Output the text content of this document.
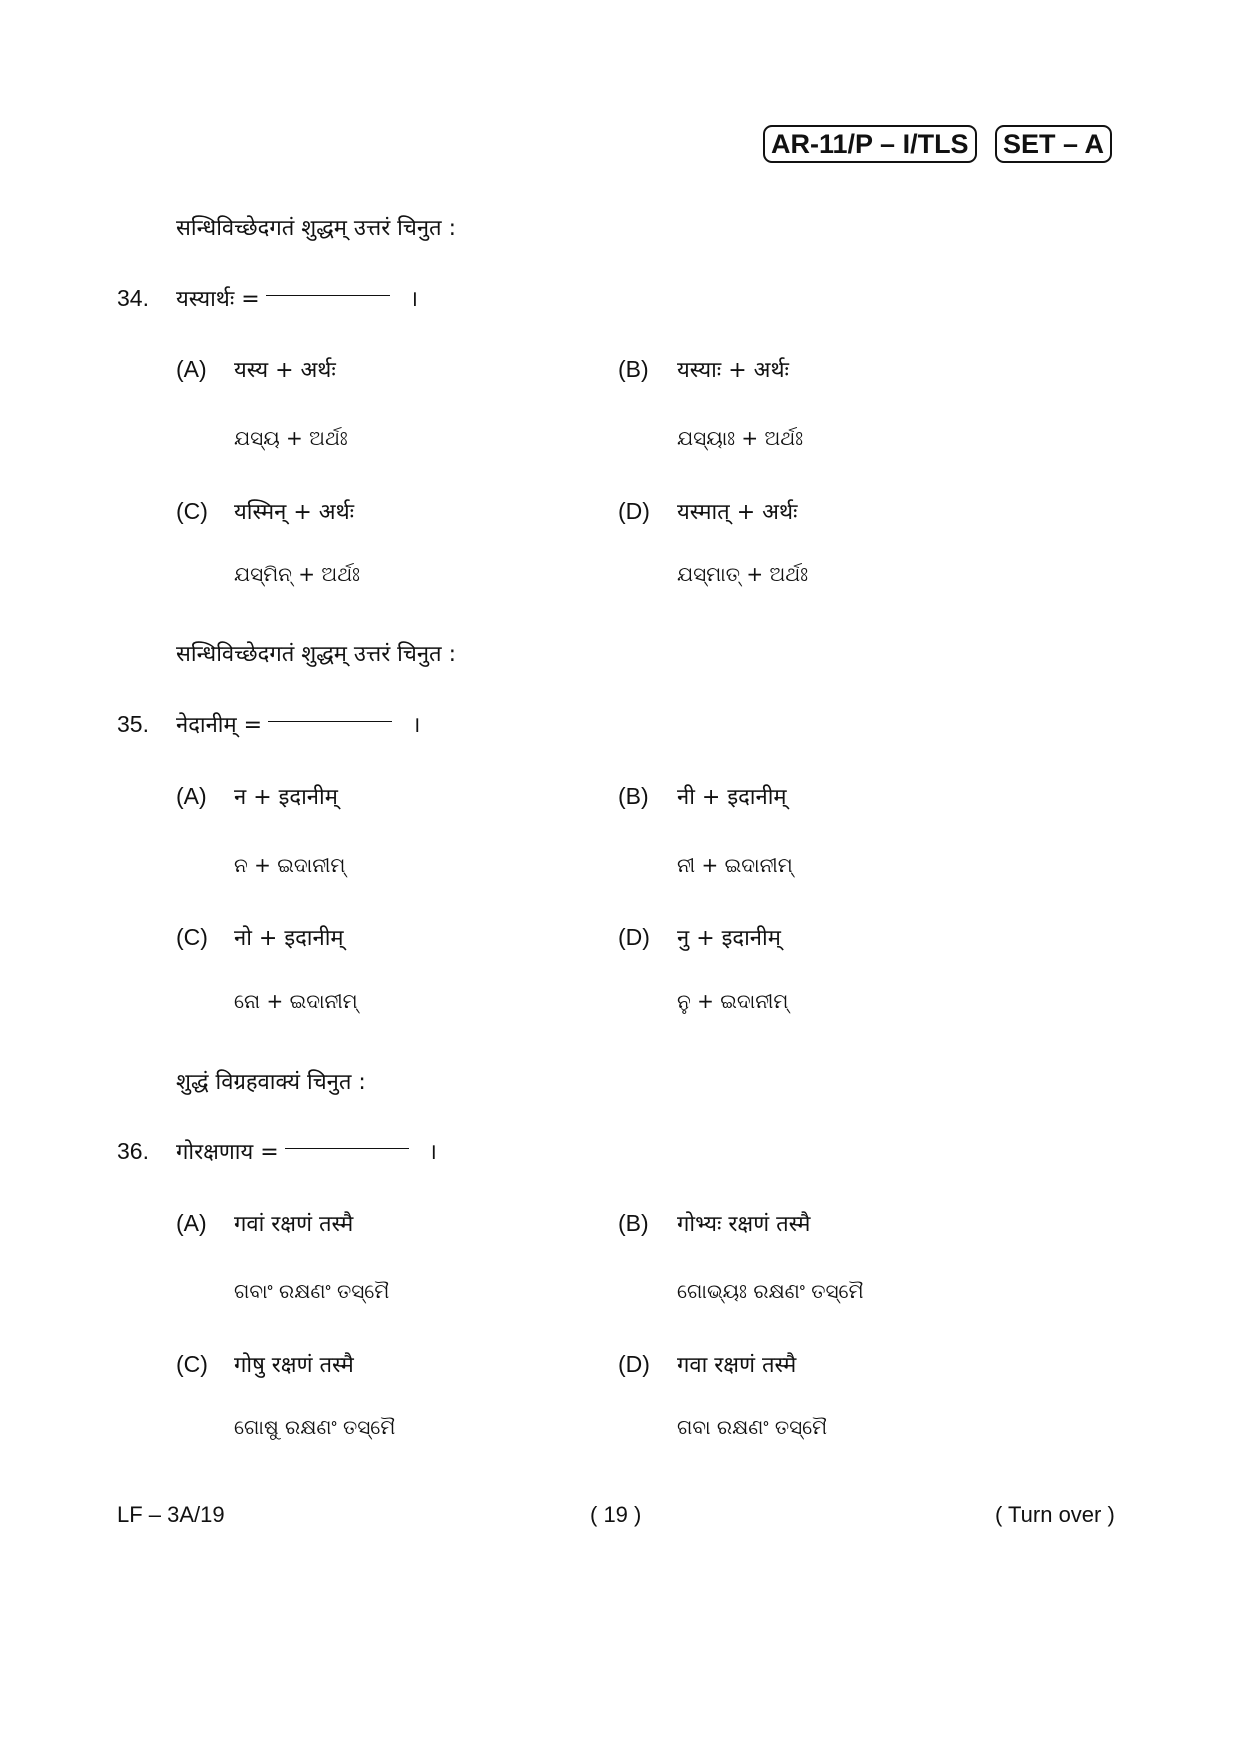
AR-11/P – I/TLS SET – A
सन्धिविच्छेदगतं शुद्धम् उत्तरं चिनुत :
34. यस्यार्थः =	।
(A) यस्य + अर्थः
ଯସ୍ୟ + ଅର୍ଥଃ
(B) यस्याः + अर्थः
ଯସ୍ୟାଃ + ଅର୍ଥଃ
(C) यस्मिन् + अर्थः
ଯସ୍ମିନ୍ + ଅର୍ଥଃ
(D) यस्मात् + अर्थः
ଯସ୍ମାତ୍ + ଅର୍ଥଃ
सन्धिविच्छेदगतं शुद्धम् उत्तरं चिनुत :
35. नेदानीम् =	।
(A) न + इदानीम्
ନ + ଇଦାନୀମ୍
(B) नी + इदानीम्
ନୀ + ଇଦାନୀମ୍
(C) नो + इदानीम्
ନୋ + ଇଦାନୀମ୍
(D) नु + इदानीम्
ନୁ + ଇଦାନୀମ୍
शुद्धं विग्रहवाक्यं चिनुत :
36. गोरक्षणाय =	।
(A) गवां रक्षणं तस्मै
ଗବାଂ ରକ୍ଷଣଂ ତସ୍ମୈ
(B) गोभ्यः रक्षणं तस्मै
ଗୋଭ୍ୟଃ ରକ୍ଷଣଂ ତସ୍ମୈ
(C) गोषु रक्षणं तस्मै
ଗୋଷୁ ରକ୍ଷଣଂ ତସ୍ମୈ
(D) गवा रक्षणं तस्मै
ଗବା ରକ୍ଷଣଂ ତସ୍ମୈ
LF – 3A/19	( 19 )	( Turn over )
